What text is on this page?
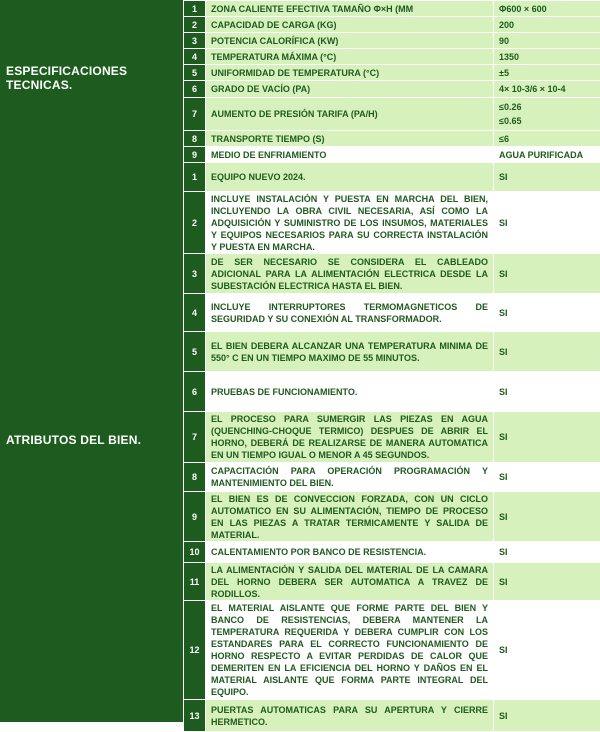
ESPECIFICACIONES
TECNICAS.
ATRIBUTOS DEL BIEN.
1	ZONA CALIENTE EFECTIVA TAMAÑO Φ×H (MM	Φ600 × 600
2	CAPACIDAD DE CARGA (KG)	200
3	POTENCIA CALORÍFICA (KW)	90
4	TEMPERATURA MÁXIMA (°C)	1350
5	UNIFORMIDAD DE TEMPERATURA (°C)	±5
6	GRADO DE VACÍO (PA)	4× 10-3/6 × 10-4
7	AUMENTO DE PRESIÓN TARIFA (PA/H)	≤0.26
≤0.65

8	TRANSPORTE TIEMPO (S)	≤6
9	MEDIO DE ENFRIAMIENTO	AGUA PURIFICADA
1	EQUIPO NUEVO 2024.	SI
2	INCLUYE INSTALACIÓN Y PUESTA EN MARCHA DEL BIEN, INCLUYENDO LA OBRA CIVIL NECESARIA, ASÍ COMO LA ADQUISICIÓN Y SUMINISTRO DE LOS INSUMOS, MATERIALES Y EQUIPOS NECESARIOS PARA SU CORRECTA INSTALACIÓN Y PUESTA EN MARCHA.	SI
3	DE SER NECESARIO SE CONSIDERA EL CABLEADO ADICIONAL PARA LA ALIMENTACIÓN ELECTRICA DESDE LA SUBESTACIÓN ELECTRICA HASTA EL BIEN.	SI
4	INCLUYE INTERRUPTORES TERMOMAGNETICOS DE SEGURIDAD Y SU CONEXIÓN AL TRANSFORMADOR.	SI
5	EL BIEN DEBERA ALCANZAR UNA TEMPERATURA MINIMA DE 550° C EN UN TIEMPO MAXIMO DE 55 MINUTOS.	SI
6	PRUEBAS DE FUNCIONAMIENTO.	SI
7	EL PROCESO PARA SUMERGIR LAS PIEZAS EN AGUA (QUENCHING-CHOQUE TERMICO) DESPUES DE ABRIR EL HORNO, DEBERÁ DE REALIZARSE DE MANERA AUTOMATICA EN UN TIEMPO IGUAL O MENOR A 45 SEGUNDOS.	SI
8	CAPACITACIÓN PARA OPERACIÓN PROGRAMACIÓN Y MANTENIMIENTO DEL BIEN.	SI
9	EL BIEN ES DE CONVECCION FORZADA, CON UN CICLO AUTOMATICO EN SU ALIMENTACIÓN, TIEMPO DE PROCESO EN LAS PIEZAS A TRATAR TERMICAMENTE Y SALIDA DE MATERIAL.	SI
10	CALENTAMIENTO POR BANCO DE RESISTENCIA.	SI
11	LA ALIMENTACIÓN Y SALIDA DEL MATERIAL DE LA CAMARA DEL HORNO DEBERA SER AUTOMATICA A TRAVEZ DE RODILLOS.	SI
12	EL MATERIAL AISLANTE QUE FORME PARTE DEL BIEN Y BANCO DE RESISTENCIAS, DEBERA MANTENER LA TEMPERATURA REQUERIDA Y DEBERA CUMPLIR CON LOS ESTANDARES PARA EL CORRECTO FUNCIONAMIENTO DE HORNO RESPECTO A EVITAR PERDIDAS DE CALOR QUE DEMERITEN EN LA EFICIENCIA DEL HORNO Y DAÑOS EN EL MATERIAL AISLANTE QUE FORMA PARTE INTEGRAL DEL EQUIPO.	SI
13	PUERTAS AUTOMATICAS PARA SU APERTURA Y CIERRE HERMETICO.	SI
